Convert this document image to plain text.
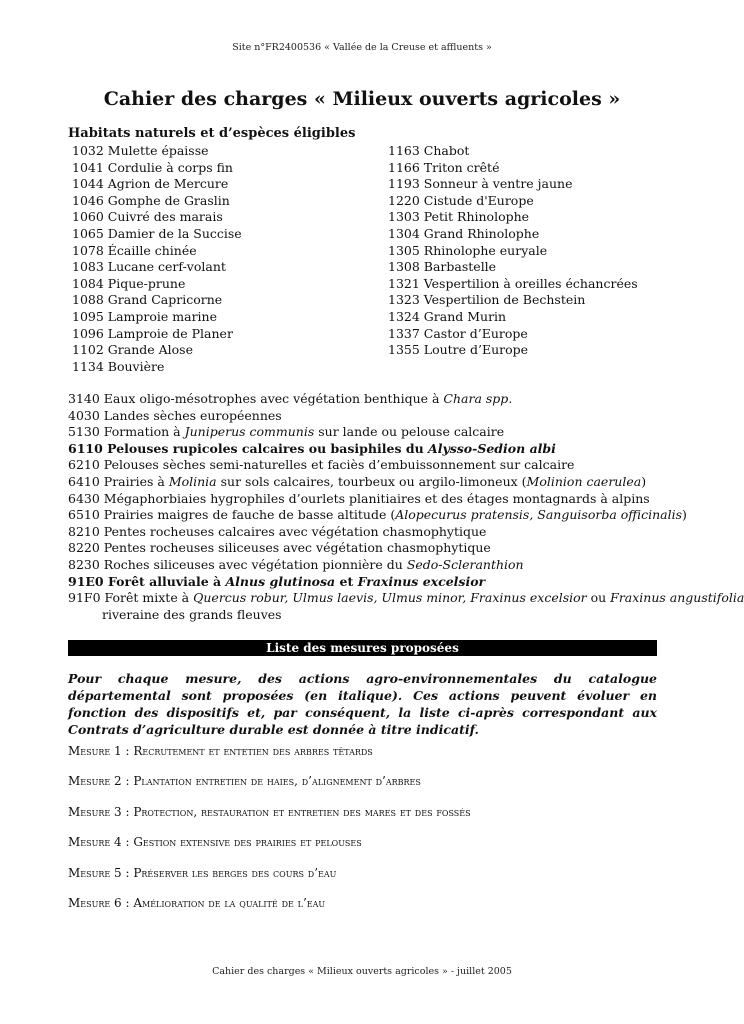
Site n°FR2400536 « Vallée de la Creuse et affluents »
Cahier des charges « Milieux ouverts agricoles »
Habitats naturels et d’espèces éligibles
1032 Mulette épaisse
1041 Cordulie à corps fin
1044 Agrion de Mercure
1046 Gomphe de Graslin
1060 Cuivré des marais
1065 Damier de la Succise
1078 Écaille chinée
1083 Lucane cerf-volant
1084 Pique-prune
1088 Grand Capricorne
1095 Lamproie marine
1096 Lamproie de Planer
1102 Grande Alose
1134 Bouvière
1163 Chabot
1166 Triton crêté
1193 Sonneur à ventre jaune
1220 Cistude d'Europe
1303 Petit Rhinolophe
1304 Grand Rhinolophe
1305 Rhinolophe euryale
1308 Barbastelle
1321 Vespertilion à oreilles échancrées
1323 Vespertilion de Bechstein
1324 Grand Murin
1337 Castor d’Europe
1355 Loutre d’Europe
3140 Eaux oligo-mésotrophes avec végétation benthique à Chara spp.
4030 Landes sèches européennes
5130 Formation à Juniperus communis sur lande ou pelouse calcaire
6110 Pelouses rupicoles calcaires ou basiphiles du Alysso-Sedion albi
6210 Pelouses sèches semi-naturelles et faciès d’embuissonnement sur calcaire
6410 Prairies à Molinia sur sols calcaires, tourbeux ou argilo-limoneux (Molinion caerulea)
6430 Mégaphorbiaies hygrophiles d’ourlets planitiaires et des étages montagnards à alpins
6510 Prairies maigres de fauche de basse altitude (Alopecurus pratensis, Sanguisorba officinalis)
8210 Pentes rocheuses calcaires avec végétation chasmophytique
8220 Pentes rocheuses siliceuses avec végétation chasmophytique
8230 Roches siliceuses avec végétation pionnière du Sedo-Scleranthion
91E0 Forêt alluviale à Alnus glutinosa et Fraxinus excelsior
91F0 Forêt mixte à Quercus robur, Ulmus laevis, Ulmus minor, Fraxinus excelsior ou Fraxinus angustifolia
riveraine des grands fleuves
Liste des mesures proposées
Pour chaque mesure, des actions agro-environnementales du catalogue départemental sont proposées (en italique). Ces actions peuvent évoluer en fonction des dispositifs et, par conséquent, la liste ci-après correspondant aux Contrats d’agriculture durable est donnée à titre indicatif.
Mesure 1 : Recrutement et entetien des arbres têtards
Mesure 2 : Plantation entretien de haies, d’alignement d’arbres
Mesure 3 : Protection, restauration et entretien des mares et des fossés
Mesure 4 : Gestion extensive des prairies et pelouses
Mesure 5 : Préserver les berges des cours d’eau
Mesure 6 : Amélioration de la qualité de l’eau
Cahier des charges « Milieux ouverts agricoles » - juillet 2005
